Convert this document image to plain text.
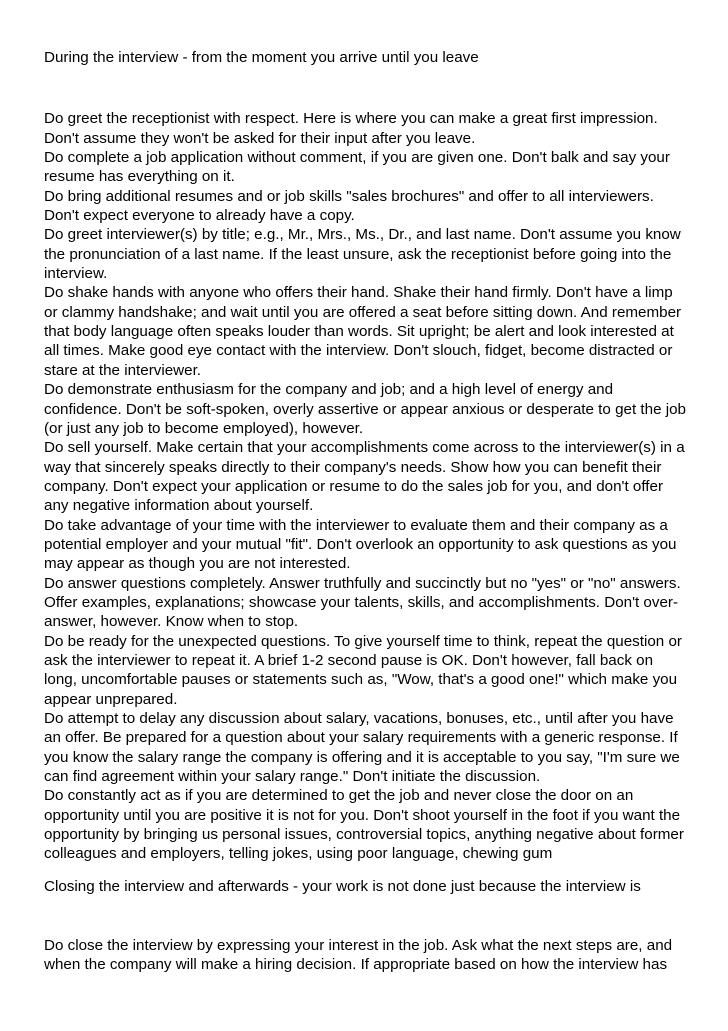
During the interview - from the moment you arrive until you leave

Do greet the receptionist with respect. Here is where you can make a great first impression. Don't assume they won't be asked for their input after you leave.

Do complete a job application without comment, if you are given one. Don't balk and say your resume has everything on it.

Do bring additional resumes and or job skills "sales brochures" and offer to all interviewers. Don't expect everyone to already have a copy.

Do greet interviewer(s) by title; e.g., Mr., Mrs., Ms., Dr., and last name. Don't assume you know the pronunciation of a last name. If the least unsure, ask the receptionist before going into the interview.

Do shake hands with anyone who offers their hand. Shake their hand firmly. Don't have a limp or clammy handshake; and wait until you are offered a seat before sitting down. And remember that body language often speaks louder than words. Sit upright; be alert and look interested at all times. Make good eye contact with the interview. Don't slouch, fidget, become distracted or stare at the interviewer.

Do demonstrate enthusiasm for the company and job; and a high level of energy and confidence. Don't be soft-spoken, overly assertive or appear anxious or desperate to get the job (or just any job to become employed), however.

Do sell yourself. Make certain that your accomplishments come across to the interviewer(s) in a way that sincerely speaks directly to their company's needs. Show how you can benefit their company. Don't expect your application or resume to do the sales job for you, and don't offer any negative information about yourself.

Do take advantage of your time with the interviewer to evaluate them and their company as a potential employer and your mutual "fit". Don't overlook an opportunity to ask questions as you may appear as though you are not interested.

Do answer questions completely. Answer truthfully and succinctly but no "yes" or "no" answers. Offer examples, explanations; showcase your talents, skills, and accomplishments. Don't over-answer, however. Know when to stop.

Do be ready for the unexpected questions. To give yourself time to think, repeat the question or ask the interviewer to repeat it. A brief 1-2 second pause is OK. Don't however, fall back on long, uncomfortable pauses or statements such as, "Wow, that's a good one!" which make you appear unprepared.

Do attempt to delay any discussion about salary, vacations, bonuses, etc., until after you have an offer. Be prepared for a question about your salary requirements with a generic response. If you know the salary range the company is offering and it is acceptable to you say, "I'm sure we can find agreement within your salary range." Don't initiate the discussion.

Do constantly act as if you are determined to get the job and never close the door on an opportunity until you are positive it is not for you. Don't shoot yourself in the foot if you want the opportunity by bringing us personal issues, controversial topics, anything negative about former colleagues and employers, telling jokes, using poor language, chewing gum

Closing the interview and afterwards - your work is not done just because the interview is

Do close the interview by expressing your interest in the job. Ask what the next steps are, and when the company will make a hiring decision. If appropriate based on how the interview has
